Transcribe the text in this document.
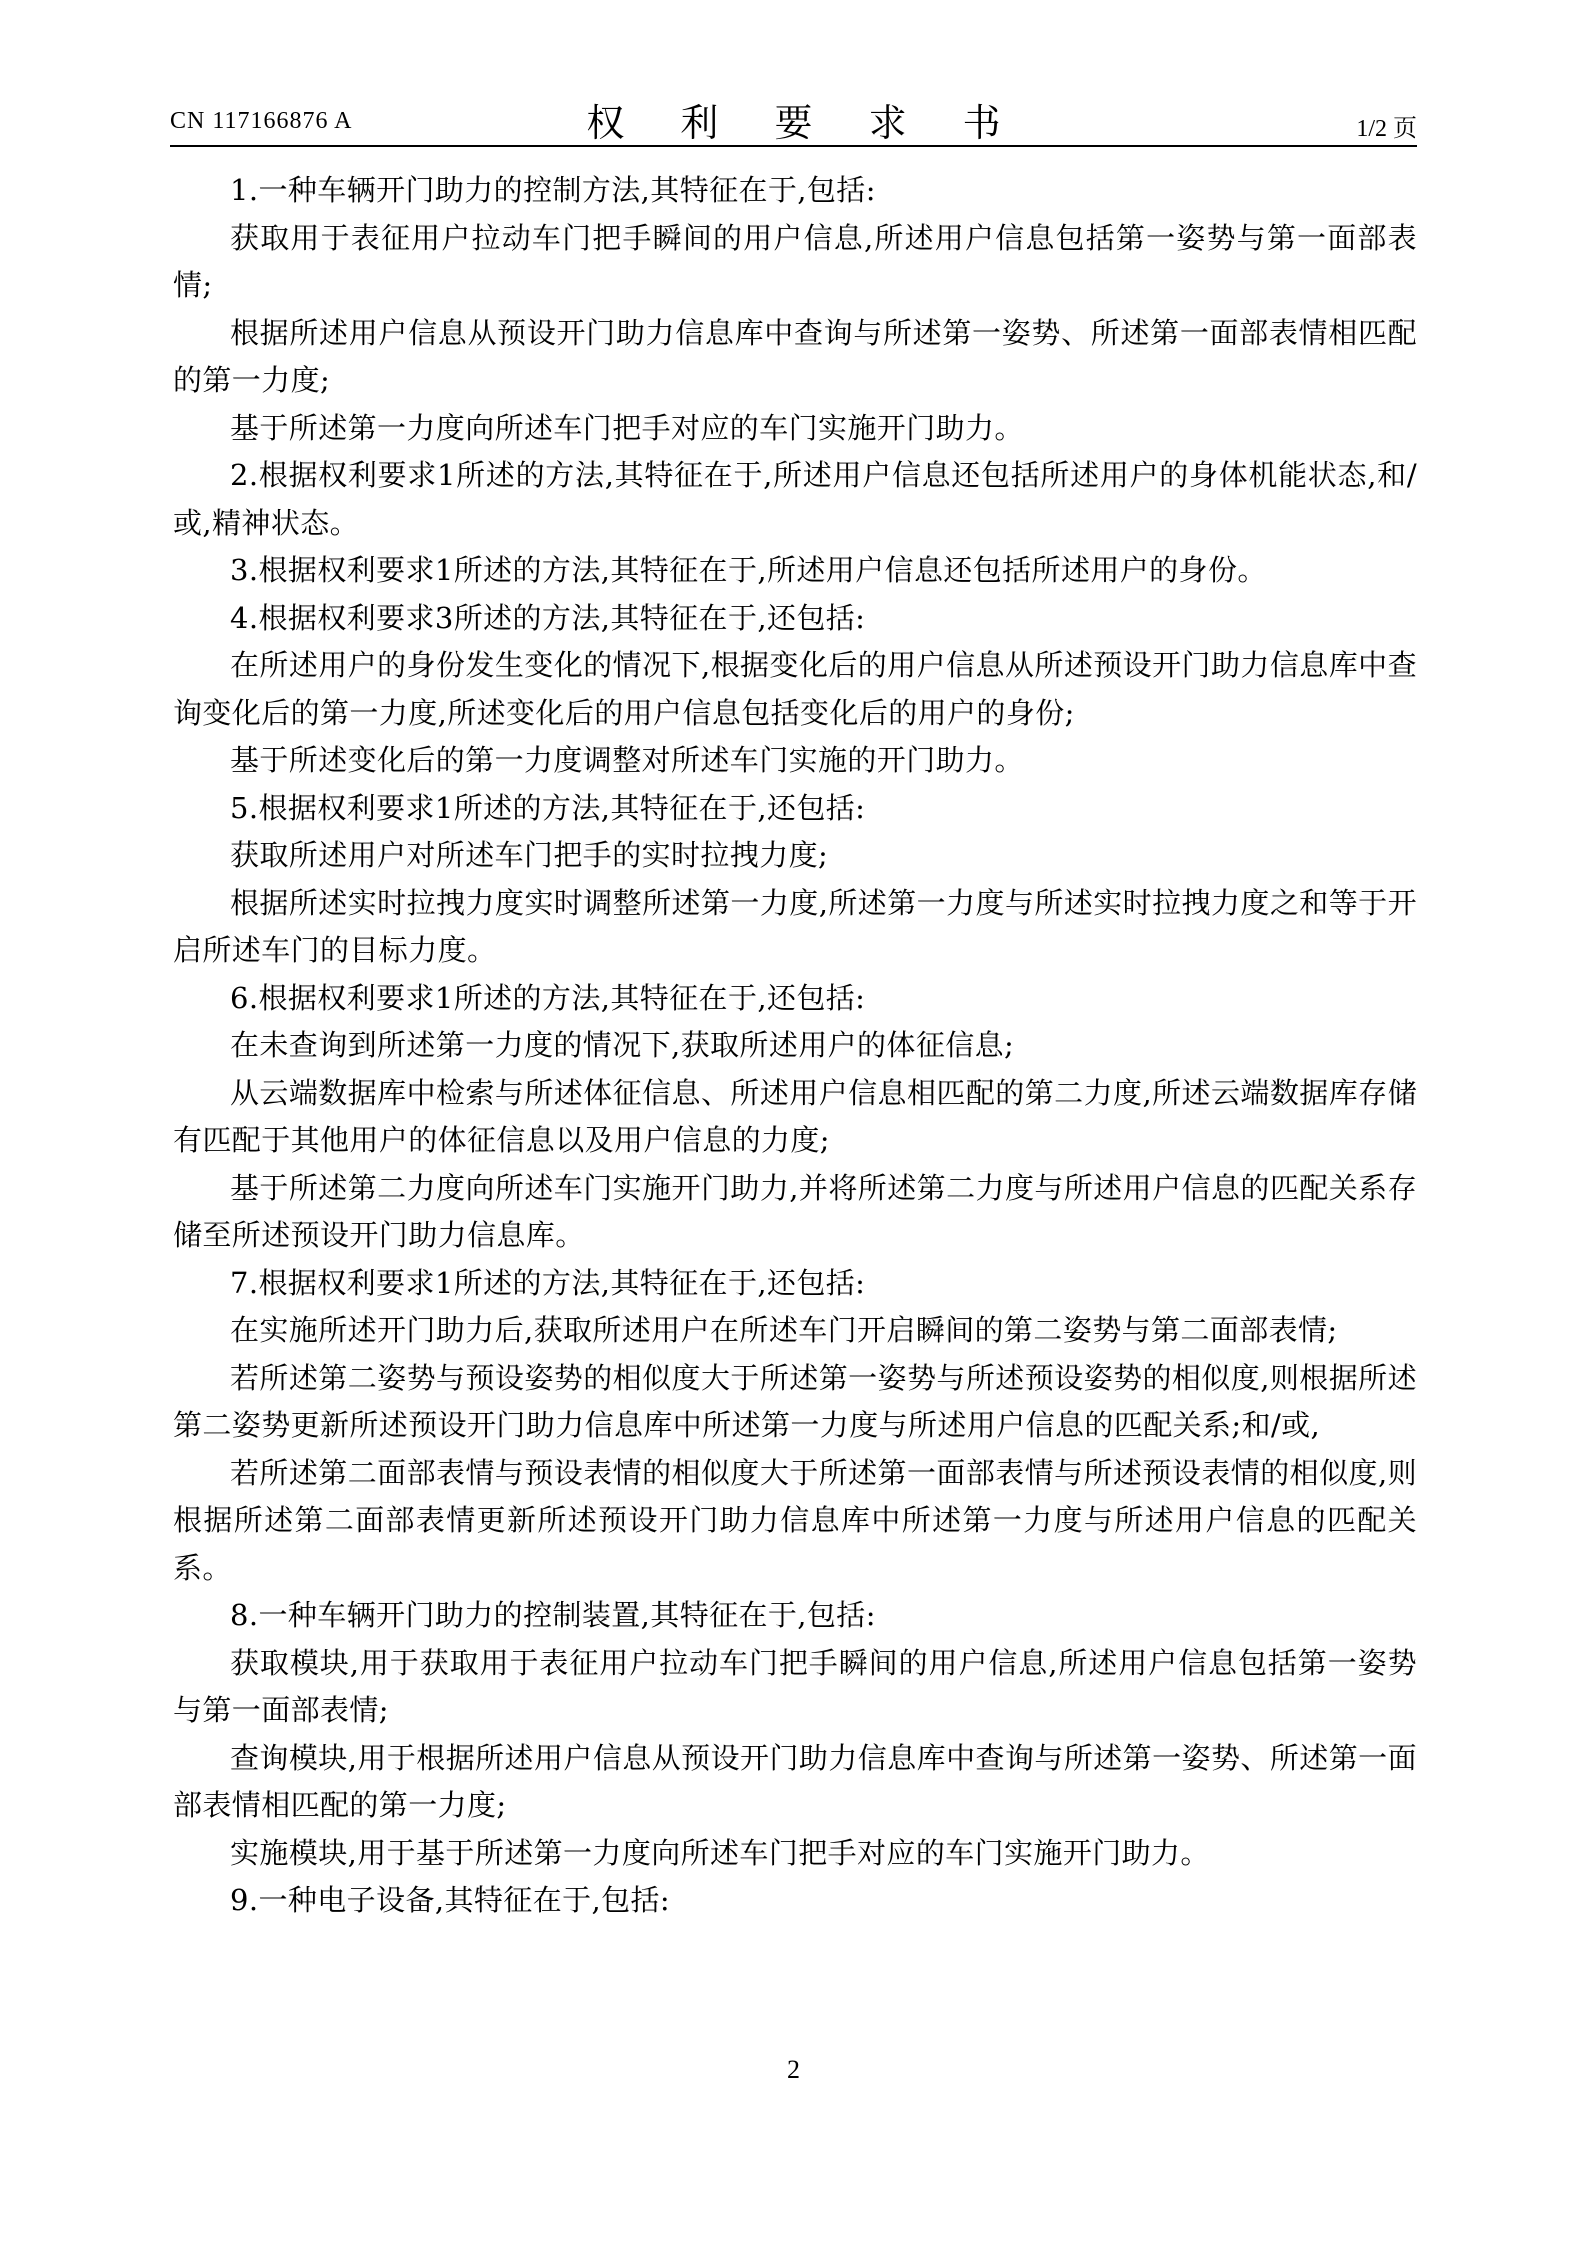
CN 117166876 A	权 利 要 求 书	1/2 页

1.一种车辆开门助力的控制方法,其特征在于,包括:

获取用于表征用户拉动车门把手瞬间的用户信息,所述用户信息包括第一姿势与第一面部表情;

根据所述用户信息从预设开门助力信息库中查询与所述第一姿势、所述第一面部表情相匹配的第一力度;

基于所述第一力度向所述车门把手对应的车门实施开门助力。

2.根据权利要求1所述的方法,其特征在于,所述用户信息还包括所述用户的身体机能状态,和/或,精神状态。

3.根据权利要求1所述的方法,其特征在于,所述用户信息还包括所述用户的身份。

4.根据权利要求3所述的方法,其特征在于,还包括:

在所述用户的身份发生变化的情况下,根据变化后的用户信息从所述预设开门助力信息库中查询变化后的第一力度,所述变化后的用户信息包括变化后的用户的身份;

基于所述变化后的第一力度调整对所述车门实施的开门助力。

5.根据权利要求1所述的方法,其特征在于,还包括:

获取所述用户对所述车门把手的实时拉拽力度;

根据所述实时拉拽力度实时调整所述第一力度,所述第一力度与所述实时拉拽力度之和等于开启所述车门的目标力度。

6.根据权利要求1所述的方法,其特征在于,还包括:

在未查询到所述第一力度的情况下,获取所述用户的体征信息;

从云端数据库中检索与所述体征信息、所述用户信息相匹配的第二力度,所述云端数据库存储有匹配于其他用户的体征信息以及用户信息的力度;

基于所述第二力度向所述车门实施开门助力,并将所述第二力度与所述用户信息的匹配关系存储至所述预设开门助力信息库。

7.根据权利要求1所述的方法,其特征在于,还包括:

在实施所述开门助力后,获取所述用户在所述车门开启瞬间的第二姿势与第二面部表情;

若所述第二姿势与预设姿势的相似度大于所述第一姿势与所述预设姿势的相似度,则根据所述第二姿势更新所述预设开门助力信息库中所述第一力度与所述用户信息的匹配关系;和/或,

若所述第二面部表情与预设表情的相似度大于所述第一面部表情与所述预设表情的相似度,则根据所述第二面部表情更新所述预设开门助力信息库中所述第一力度与所述用户信息的匹配关系。

8.一种车辆开门助力的控制装置,其特征在于,包括:

获取模块,用于获取用于表征用户拉动车门把手瞬间的用户信息,所述用户信息包括第一姿势与第一面部表情;

查询模块,用于根据所述用户信息从预设开门助力信息库中查询与所述第一姿势、所述第一面部表情相匹配的第一力度;

实施模块,用于基于所述第一力度向所述车门把手对应的车门实施开门助力。

9.一种电子设备,其特征在于,包括:

2
